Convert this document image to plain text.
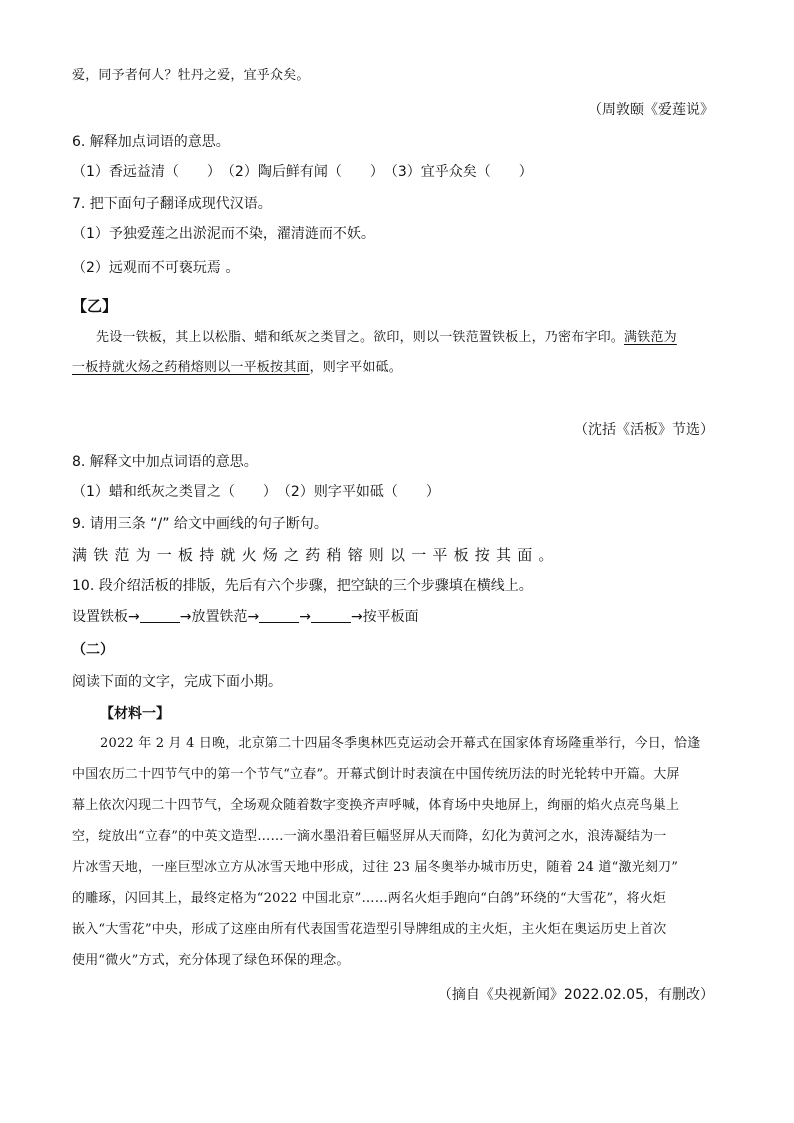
爱，同予者何人？牡丹之爱，宜乎众矣。
（周敦颐《爱莲说》
6. 解释加点词语的意思。
（1）香远益清（　　）　（2）陶后鲜有闻（　　）　（3）宜乎众矣（　　）
7. 把下面句子翻译成现代汉语。
（1）予独爱莲之出淤泥而不染，濯清涟而不妖。
（2）远观而不可亵玩焉 。
【乙】
先设一铁板，其上以松脂、蜡和纸灰之类冒之。欲印，则以一铁范置铁板上，乃密布字印。满铁范为
一板持就火炀之药稍熔则以一平板按其面，则字平如砥。
（沈括《活板》节选）
8. 解释文中加点词语的意思。
（1）蜡和纸灰之类冒之（　　）　（2）则字平如砥（　　）
9. 请用三条 “/” 给文中画线的句子断句。
满铁范为一板持就火炀之药稍镕则以一平板按其面。
10. 段介绍活板的排版，先后有六个步骤，把空缺的三个步骤填在横线上。
设置铁板→	→放置铁范→	→	→按平板面
（二）
阅读下面的文字，完成下面小期。
【材料一】
2022 年 2 月 4 日晚，北京第二十四届冬季奥林匹克运动会开幕式在国家体育场隆重举行，今日，恰逢
中国农历二十四节气中的第一个节气“立春”。开幕式倒计时表演在中国传统历法的时光轮转中开篇。大屏
幕上依次闪现二十四节气，全场观众随着数字变换齐声呼喊，体育场中央地屏上，绚丽的焰火点亮鸟巢上
空，绽放出“立春”的中英文造型……一滴水墨沿着巨幅竖屏从天而降，幻化为黄河之水，浪涛凝结为一
片冰雪天地，一座巨型冰立方从冰雪天地中形成，过往 23 届冬奥举办城市历史，随着 24 道“激光刻刀”
的雕琢，闪回其上，最终定格为“2022 中国北京”……两名火炬手跑向“白鸽”环绕的“大雪花”，将火炬
嵌入“大雪花”中央，形成了这座由所有代表国雪花造型引导牌组成的主火炬，主火炬在奥运历史上首次
使用“微火”方式，充分体现了绿色环保的理念。
（摘自《央视新闻》2022.02.05，有删改）
